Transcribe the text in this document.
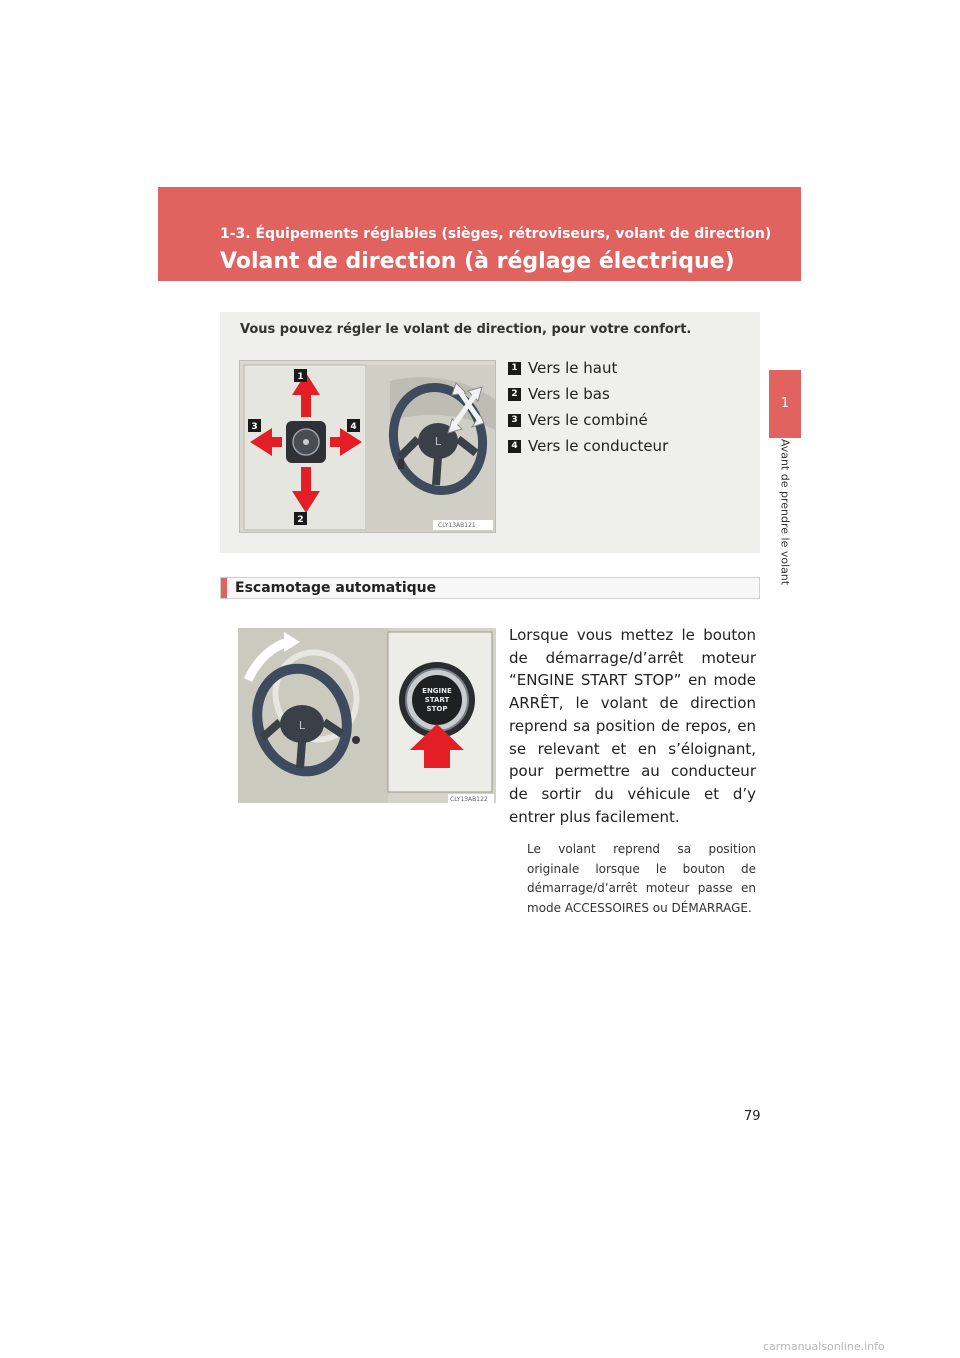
1-3. Équipements réglables (sièges, rétroviseurs, volant de direction)
Volant de direction (à réglage électrique)
1
Avant de prendre le volant
Vous pouvez régler le volant de direction, pour votre confort.
1
2
3	4
L
CLY13AB121
1 Vers le haut
2 Vers le bas
3 Vers le combiné
4 Vers le conducteur
Escamotage automatique
L
ENGINE
START
STOP
CLY13AB122

Lorsque vous mettez le bouton de démarrage/d’arrêt moteur “ENGINE START STOP” en mode ARRÊT, le volant de direction reprend sa position de repos, en se relevant et en s’éloignant, pour permettre au conducteur de sortir du véhicule et d’y entrer plus facilement.

Le volant reprend sa position originale lorsque le bouton de démarrage/d’arrêt moteur passe en mode ACCESSOIRES ou DÉMARRAGE.

79
carmanualsonline.info
